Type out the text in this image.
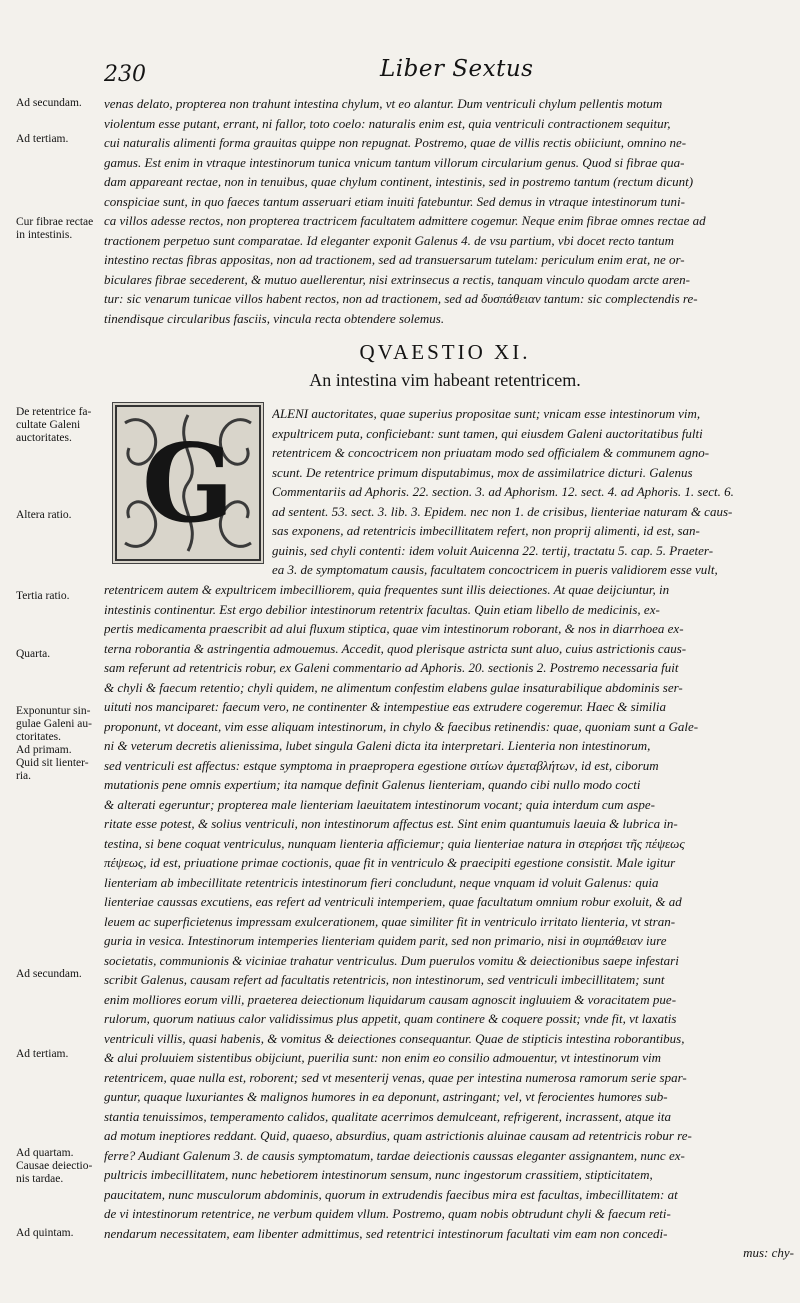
230	Liber Sextus
Ad secundam.
Ad tertiam.
Cur fibrae rectae
in intestinis.
De retentrice fa-
cultate Galeni
auctoritates.
Altera ratio.
Tertia ratio.
Quarta.
Exponuntur sin-
gulae Galeni au-
ctoritates.
Ad primam.
Quid sit lienter-
ria.
Ad secundam.
Ad tertiam.
Ad quartam.
Causae deiectio-
nis tardae.
Ad quintam.
venas delato, propterea non trahunt intestina chylum, vt eo alantur. Dum ventriculi chylum pellentis motum
violentum esse putant, errant, ni fallor, toto coelo: naturalis enim est, quia ventriculi contractionem sequitur,
cui naturalis alimenti forma grauitas quippe non repugnat. Postremo, quae de villis rectis obiiciunt, omnino ne-
gamus. Est enim in vtraque intestinorum tunica vnicum tantum villorum circularium genus. Quod si fibrae qua-
dam appareant rectae, non in tenuibus, quae chylum continent, intestinis, sed in postremo tantum (rectum dicunt)
conspiciae sunt, in quo faeces tantum asseruari etiam inuiti fatebuntur. Sed demus in vtraque intestinorum tuni-
ca villos adesse rectos, non propterea tractricem facultatem admittere cogemur. Neque enim fibrae omnes rectae ad
tractionem perpetuo sunt comparatae. Id eleganter exponit Galenus 4. de vsu partium, vbi docet recto tantum
intestino rectas fibras appositas, non ad tractionem, sed ad transuersarum tutelam: periculum enim erat, ne or-
biculares fibrae secederent, & mutuo auellerentur, nisi extrinsecus a rectis, tanquam vinculo quodam arcte aren-
tur: sic venarum tunicae villos habent rectos, non ad tractionem, sed ad δυσπάθειαν tantum: sic complectendis re-
tinendisque circularibus fasciis, vincula recta obtendere solemus.
QVAESTIO XI.
An intestina vim habeant retentricem.
G
ALENI auctoritates, quae superius propositae sunt; vnicam esse intestinorum vim,
expultricem puta, conficiebant: sunt tamen, qui eiusdem Galeni auctoritatibus fulti
retentricem & concoctricem non priuatam modo sed officialem & communem agno-
scunt. De retentrice primum disputabimus, mox de assimilatrice dicturi. Galenus
Commentariis ad Aphoris. 22. section. 3. ad Aphorism. 12. sect. 4. ad Aphoris. 1. sect. 6.
ad sentent. 53. sect. 3. lib. 3. Epidem. nec non 1. de crisibus, lienteriae naturam & caus-
sas exponens, ad retentricis imbecillitatem refert, non proprij alimenti, id est, san-
guinis, sed chyli contenti: idem voluit Auicenna 22. tertij, tractatu 5. cap. 5. Praeter-
ea 3. de symptomatum causis, facultatem concoctricem in pueris validiorem esse vult,
retentricem autem & expultricem imbecilliorem, quia frequentes sunt illis deiectiones. At quae deijciuntur, in
intestinis continentur. Est ergo debilior intestinorum retentrix facultas. Quin etiam libello de medicinis, ex-
pertis medicamenta praescribit ad alui fluxum stiptica, quae vim intestinorum roborant, & nos in diarrhoea ex-
terna roborantia & astringentia admouemus. Accedit, quod plerisque astricta sunt aluo, cuius astrictionis caus-
sam referunt ad retentricis robur, ex Galeni commentario ad Aphoris. 20. sectionis 2. Postremo necessaria fuit
& chyli & faecum retentio; chyli quidem, ne alimentum confestim elabens gulae insaturabilique abdominis ser-
uituti nos manciparet: faecum vero, ne continenter & intempestiue eas extrudere cogeremur. Haec & similia
proponunt, vt doceant, vim esse aliquam intestinorum, in chylo & faecibus retinendis: quae, quoniam sunt a Gale-
ni & veterum decretis alienissima, lubet singula Galeni dicta ita interpretari. Lienteria non intestinorum,
sed ventriculi est affectus: estque symptoma in praepropera egestione σιτίων ἀμεταβλήτων, id est, ciborum
mutationis pene omnis expertium; ita namque definit Galenus lienteriam, quando cibi nullo modo cocti
& alterati egeruntur; propterea male lienteriam laeuitatem intestinorum vocant; quia interdum cum aspe-
ritate esse potest, & solius ventriculi, non intestinorum affectus est. Sint enim quantumuis laeuia & lubrica in-
testina, si bene coquat ventriculus, nunquam lienteria afficiemur; quia lienteriae natura in στερήσει τῆς πέψεως
πέψεως, id est, priuatione primae coctionis, quae fit in ventriculo & praecipiti egestione consistit. Male igitur
lienteriam ab imbecillitate retentricis intestinorum fieri concludunt, neque vnquam id voluit Galenus: quia
lienteriae caussas excutiens, eas refert ad ventriculi intemperiem, quae facultatum omnium robur exoluit, & ad
leuem ac superficietenus impressam exulcerationem, quae similiter fit in ventriculo irritato lienteria, vt stran-
guria in vesica. Intestinorum intemperies lienteriam quidem parit, sed non primario, nisi in συμπάθειαν iure
societatis, communionis & viciniae trahatur ventriculus. Dum puerulos vomitu & deiectionibus saepe infestari
scribit Galenus, causam refert ad facultatis retentricis, non intestinorum, sed ventriculi imbecillitatem; sunt
enim molliores eorum villi, praeterea deiectionum liquidarum causam agnoscit ingluuiem & voracitatem pue-
rulorum, quorum natiuus calor validissimus plus appetit, quam continere & coquere possit; vnde fit, vt laxatis
ventriculi villis, quasi habenis, & vomitus & deiectiones consequantur. Quae de stipticis intestina roborantibus,
& alui proluuiem sistentibus obijciunt, puerilia sunt: non enim eo consilio admouentur, vt intestinorum vim
retentricem, quae nulla est, roborent; sed vt mesenterij venas, quae per intestina numerosa ramorum serie spar-
guntur, quaque luxuriantes & malignos humores in ea deponunt, astringant; vel, vt ferocientes humores sub-
stantia tenuissimos, temperamento calidos, qualitate acerrimos demulceant, refrigerent, incrassent, atque ita
ad motum ineptiores reddant. Quid, quaeso, absurdius, quam astrictionis aluinae causam ad retentricis robur re-
ferre? Audiant Galenum 3. de causis symptomatum, tardae deiectionis caussas eleganter assignantem, nunc ex-
pultricis imbecillitatem, nunc hebetiorem intestinorum sensum, nunc ingestorum crassitiem, stipticitatem,
paucitatem, nunc musculorum abdominis, quorum in extrudendis faecibus mira est facultas, imbecillitatem: at
de vi intestinorum retentrice, ne verbum quidem vllum. Postremo, quam nobis obtrudunt chyli & faecum reti-
nendarum necessitatem, eam libenter admittimus, sed retentrici intestinorum facultati vim eam non concedi-
mus: chy-
